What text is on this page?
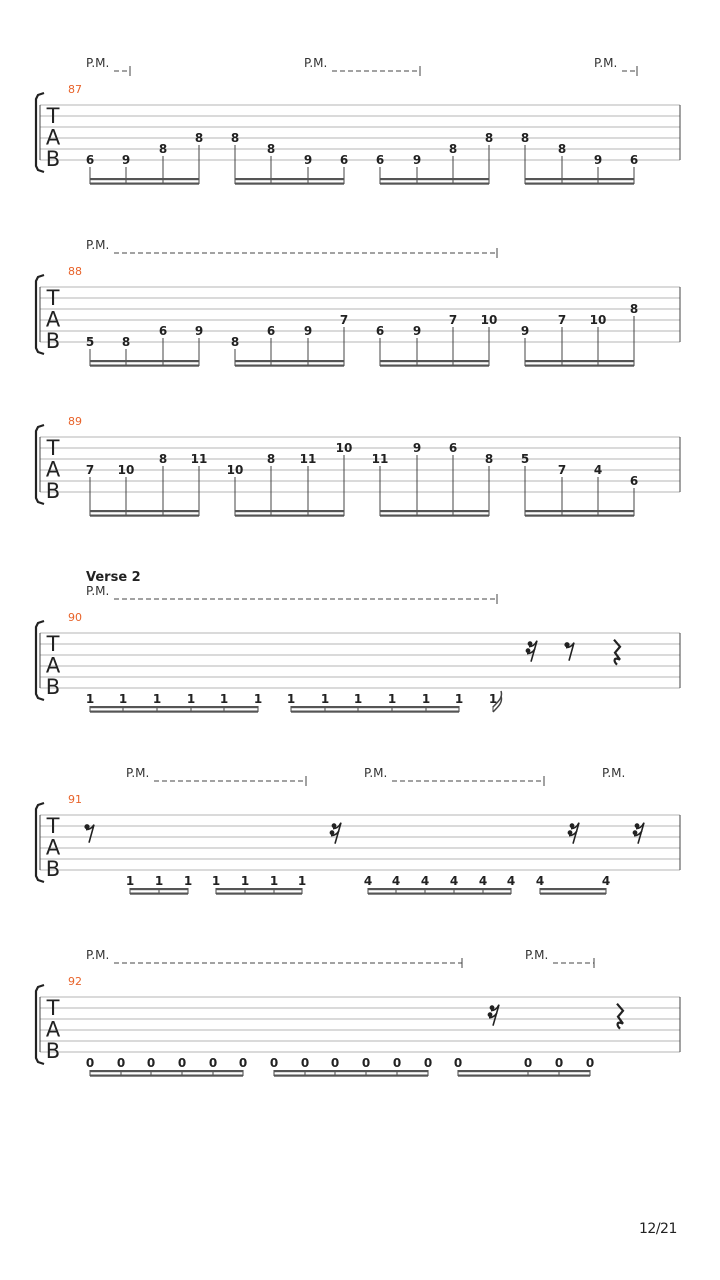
T
A
B
87
P.M.	P.M.	P.M.
6 9
8
8 8
8
9 6 6 9
8
8 8
8
9 6
T
A
B
88
P.M.
5 8
6 9
8
6 9
7
6 9
7 10
9
7 10
8
T
A
B
89
7 10
8 11
10
8 11
10
11
9 6
8 5
7 4
6
T
A
B
90
Verse 2
P.M.
1 1 1 1 1 1 1 1 1 1 1 1 1
T
A
B
91
P.M.	P.M.	P.M.
1 1 1 1 1 1 1	4 4 4 4 4 4 4	4
T
A
B
92
P.M.	P.M.
0 0 0 0 0 0 0 0 0 0 0 0 0	0 0 0
12/21
